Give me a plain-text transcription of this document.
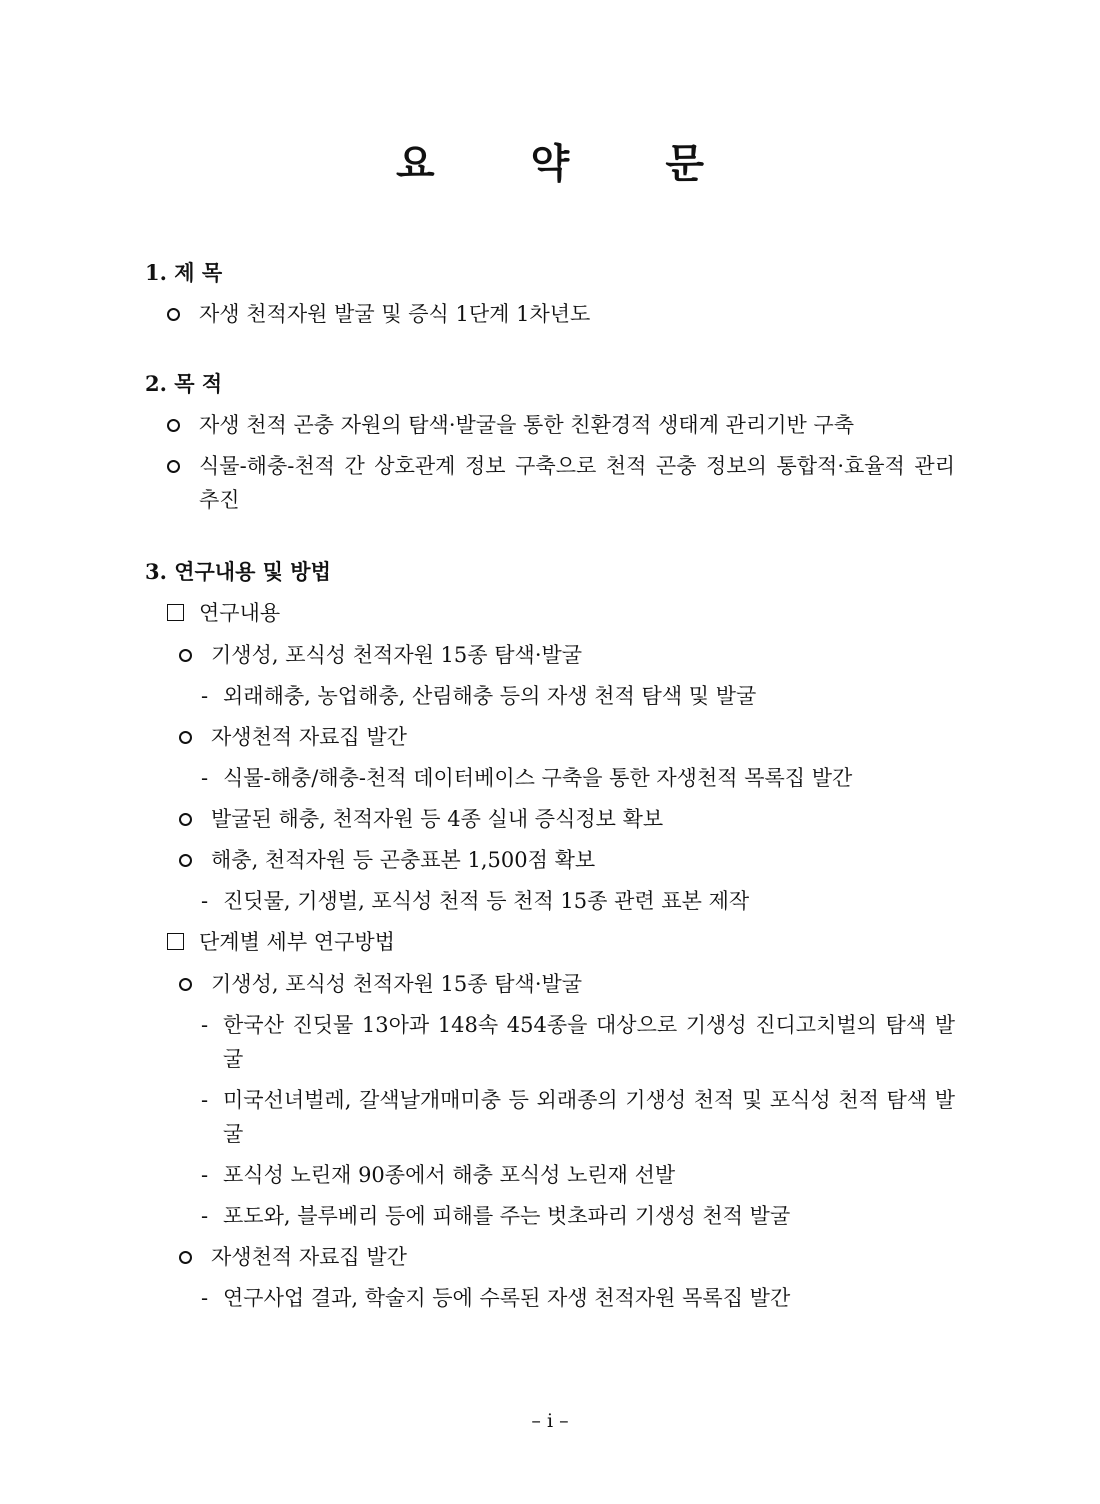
요 약 문
1. 제 목
자생 천적자원 발굴 및 증식 1단계 1차년도
2. 목 적
자생 천적 곤충 자원의 탐색·발굴을 통한 친환경적 생태계 관리기반 구축
식물-해충-천적 간 상호관계 정보 구축으로 천적 곤충 정보의 통합적·효율적 관리 추진
3. 연구내용 및 방법
연구내용
기생성, 포식성 천적자원 15종 탐색·발굴
- 외래해충, 농업해충, 산림해충 등의 자생 천적 탐색 및 발굴
자생천적 자료집 발간
- 식물-해충/해충-천적 데이터베이스 구축을 통한 자생천적 목록집 발간
발굴된 해충, 천적자원 등 4종 실내 증식정보 확보
해충, 천적자원 등 곤충표본 1,500점 확보
- 진딧물, 기생벌, 포식성 천적 등 천적 15종 관련 표본 제작
단계별 세부 연구방법
기생성, 포식성 천적자원 15종 탐색·발굴
- 한국산 진딧물 13아과 148속 454종을 대상으로 기생성 진디고치벌의 탐색 발굴
- 미국선녀벌레, 갈색날개매미충 등 외래종의 기생성 천적 및 포식성 천적 탐색 발굴
- 포식성 노린재 90종에서 해충 포식성 노린재 선발
- 포도와, 블루베리 등에 피해를 주는 벗초파리 기생성 천적 발굴
자생천적 자료집 발간
- 연구사업 결과, 학술지 등에 수록된 자생 천적자원 목록집 발간
– i –
